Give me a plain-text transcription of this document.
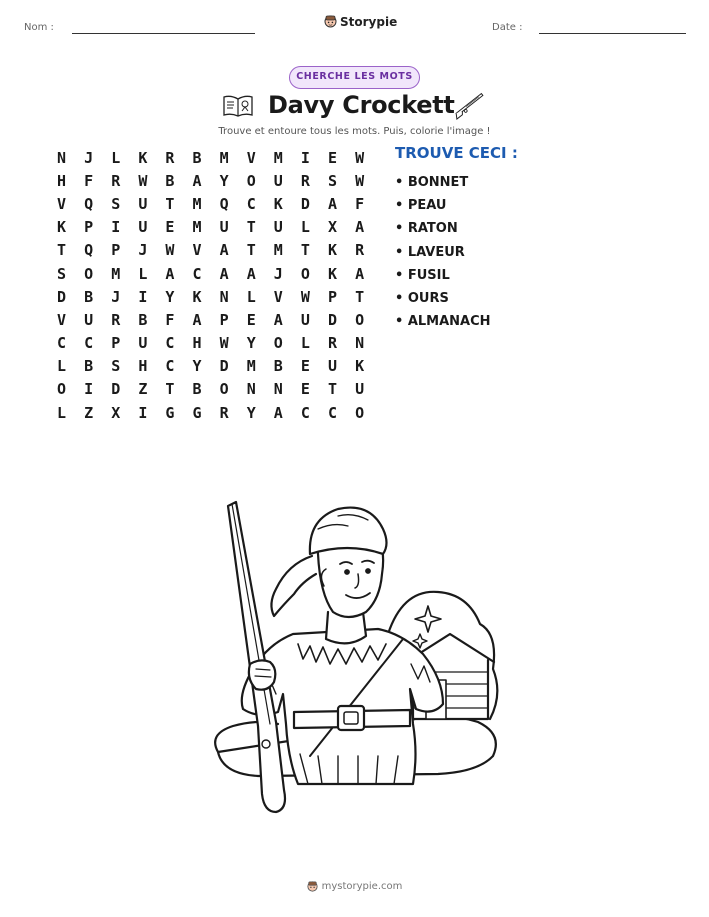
Nom :	Storypie	Date :
CHERCHE LES MOTS
Davy Crockett
Trouve et entoure tous les mots. Puis, colorie l'image !
N	J	L	K	R	B	M	V	M	I	E	W
H	F	R	W	B	A	Y	O	U	R	S	W
V	Q	S	U	T	M	Q	C	K	D	A	F
K	P	I	U	E	M	U	T	U	L	X	A
T	Q	P	J	W	V	A	T	M	T	K	R
S	O	M	L	A	C	A	A	J	O	K	A
D	B	J	I	Y	K	N	L	V	W	P	T
V	U	R	B	F	A	P	E	A	U	D	O
C	C	P	U	C	H	W	Y	O	L	R	N
L	B	S	H	C	Y	D	M	B	E	U	K
O	I	D	Z	T	B	O	N	N	E	T	U
L	Z	X	I	G	G	R	Y	A	C	C	O
TROUVE CECI :
• BONNET
• PEAU
• RATON
• LAVEUR
• FUSIL
• OURS
• ALMANACH
mystorypie.com
